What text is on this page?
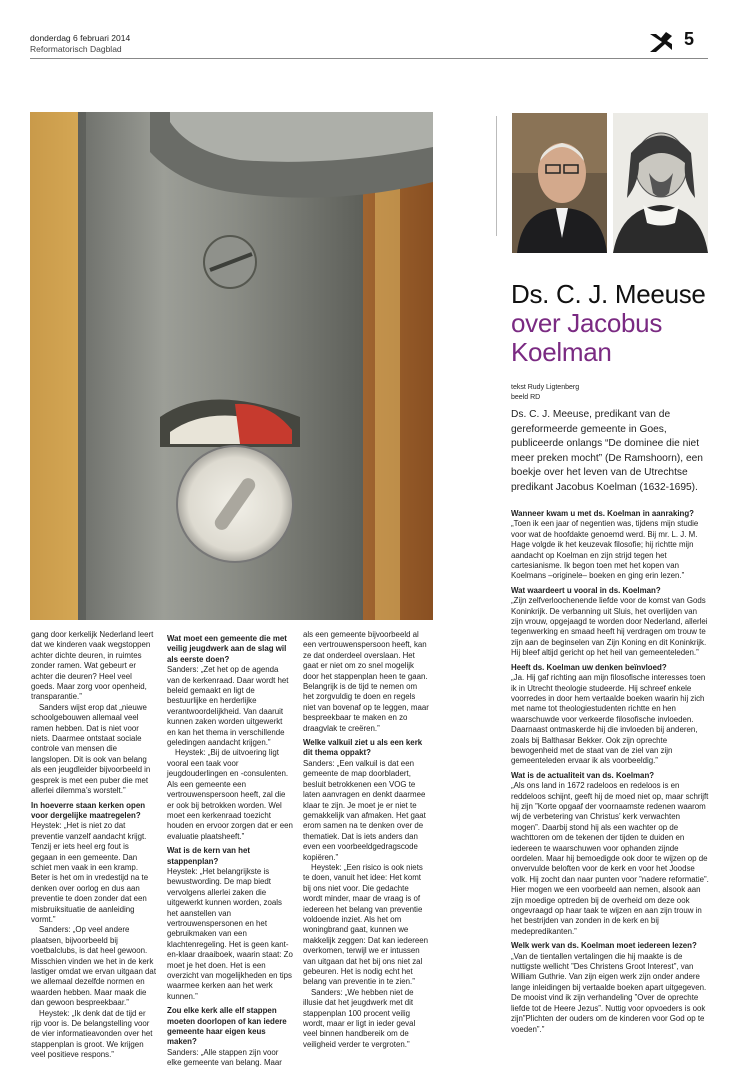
donderdag 6 februari 2014
Reformatorisch Dagblad	5
Ds. C. J. Meeuse
over Jacobus
Koelman
tekst Rudy Ligtenberg
beeld RD
Ds. C. J. Meeuse, predikant van de gereformeerde gemeente in Goes, publiceerde onlangs “De dominee die niet meer preken mocht” (De Ramshoorn), een boekje over het leven van de Utrechtse predikant Jacobus Koelman (1632-1695).

gang door kerkelijk Nederland leert dat we kinderen vaak wegstoppen achter dichte deuren, in ruimtes zonder ramen. Wat gebeurt er achter die deuren? Heel veel goeds. Maar zorg voor openheid, transparantie.”

Sanders wijst erop dat „nieuwe schoolgebouwen allemaal veel ramen hebben. Dat is niet voor niets. Daarmee ontstaat sociale controle van mensen die langslopen. Dit is ook van belang als een jeugdleider bijvoorbeeld in gesprek is met een puber die met allerlei dilemma’s worstelt.”

In hoeverre staan kerken open voor dergelijke maatregelen?

Heystek: „Het is niet zo dat preventie vanzelf aandacht krijgt. Tenzij er iets heel erg fout is gegaan in een gemeente. Dan schiet men vaak in een kramp. Beter is het om in vredestijd na te denken over oorlog en dus aan preventie te doen zonder dat een misbruiksituatie de aanleiding vormt.”

Sanders: „Op veel andere plaatsen, bijvoorbeeld bij voetbalclubs, is dat heel gewoon. Misschien vinden we het in de kerk lastiger omdat we ervan uitgaan dat we allemaal dezelfde normen en waarden hebben. Maar maak die dan gewoon bespreekbaar.”

Heystek: „Ik denk dat de tijd er rijp voor is. De belangstelling voor de vier informatieavonden over het stappenplan is groot. We krijgen veel positieve respons.”

Wat moet een gemeente die met veilig jeugdwerk aan de slag wil als eerste doen?

Sanders: „Zet het op de agenda van de kerkenraad. Daar wordt het beleid gemaakt en ligt de bestuurlijke en herderlijke verantwoordelijkheid. Van daaruit kunnen zaken worden uitgewerkt en kan het thema in verschillende geledingen aandacht krijgen.”

Heystek: „Bij de uitvoering ligt vooral een taak voor jeugdouderlingen en -consulenten. Als een gemeente een vertrouwenspersoon heeft, zal die er ook bij betrokken worden. Wel moet een kerkenraad toezicht houden en ervoor zorgen dat er een evaluatie plaatsheeft.”

Wat is de kern van het stappenplan?

Heystek: „Het belangrijkste is bewustwording. De map biedt vervolgens allerlei zaken die uitgewerkt kunnen worden, zoals het aanstellen van vertrouwenspersonen en het gebruikmaken van een klachtenregeling. Het is geen kant-en-klaar draaiboek, waarin staat: Zo moet je het doen. Het is een overzicht van mogelijkheden en tips waarmee kerken aan het werk kunnen.”

Zou elke kerk alle elf stappen moeten doorlopen of kan iedere gemeente haar eigen keus maken?

Sanders: „Alle stappen zijn voor elke gemeente van belang. Maar

als een gemeente bijvoorbeeld al een vertrouwenspersoon heeft, kan ze dat onderdeel overslaan. Het gaat er niet om zo snel mogelijk door het stappenplan heen te gaan. Belangrijk is de tijd te nemen om het zorgvuldig te doen en regels niet van bovenaf op te leggen, maar bespreekbaar te maken en zo draagvlak te creëren.”

Welke valkuil ziet u als een kerk dit thema oppakt?

Sanders: „Een valkuil is dat een gemeente de map doorbladert, besluit betrokkenen een VOG te laten aanvragen en denkt daarmee klaar te zijn. Je moet je er niet te gemakkelijk van afmaken. Het gaat erom samen na te denken over de thematiek. Dat is iets anders dan even een voorbeeldgedragscode kopiëren.”

Heystek: „Een risico is ook niets te doen, vanuit het idee: Het komt bij ons niet voor. Die gedachte wordt minder, maar de vraag is of iedereen het belang van preventie voldoende inziet. Als het om woningbrand gaat, kunnen we makkelijk zeggen: Dat kan iedereen overkomen, terwijl we er intussen van uitgaan dat het bij ons niet zal gebeuren. Het is nodig echt het belang van preventie in te zien.”

Sanders: „We hebben niet de illusie dat het jeugdwerk met dit stappenplan 100 procent veilig wordt, maar er ligt in ieder geval veel binnen handbereik om de veiligheid verder te vergroten.”

Wanneer kwam u met ds. Koelman in aanraking?

„Toen ik een jaar of negentien was, tijdens mijn studie voor wat de hoofdakte genoemd werd. Bij mr. L. J. M. Hage volgde ik het keuzevak filosofie; hij richtte mijn aandacht op Koelman en zijn strijd tegen het cartesianisme. Ik begon toen met het kopen van Koelmans –originele– boeken en ging erin lezen.”

Wat waardeert u vooral in ds. Koelman?

„Zijn zelfverloochenende liefde voor de komst van Gods Koninkrijk. De verbanning uit Sluis, het overlijden van zijn vrouw, opgejaagd te worden door Nederland, allerlei tegenwerking en smaad heeft hij verdragen om trouw te zijn aan de beginselen van Zijn Koning en dit Koninkrijk. Hij bleef altijd gericht op het heil van gemeenteleden.”

Heeft ds. Koelman uw denken beïnvloed?

„Ja. Hij gaf richting aan mijn filosofische interesses toen ik in Utrecht theologie studeerde. Hij schreef enkele voorredes in door hem vertaalde boeken waarin hij zich met name tot theologiestudenten richtte en hen waarschuwde voor verkeerde filosofische invloeden. Daarnaast ontmaskerde hij die invloeden bij anderen, zoals bij Balthasar Bekker. Ook zijn oprechte bewogenheid met de staat van de ziel van zijn gemeenteleden ervaar ik als voorbeeldig.”

Wat is de actualiteit van ds. Koelman?

„Als ons land in 1672 radeloos en redeloos is en reddeloos schijnt, geeft hij de moed niet op, maar schrijft hij zijn ”Korte opgaaf der voornaamste redenen waarom wij de verbetering van Christus’ kerk verwachten mogen”. Daarbij stond hij als een wachter op de wachttoren om de tekenen der tijden te duiden en iedereen te waarschuwen voor ophanden zijnde oordelen. Maar hij bemoedigde ook door te wijzen op de onvervulde beloften voor de kerk en voor het Joodse volk. Hij zocht dan naar punten voor ”nadere reformatie”. Hier mogen we een voorbeeld aan nemen, alsook aan zijn moedige optreden bij de overheid om deze ook ongevraagd op haar taak te wijzen en aan zijn trouw in het bestrijden van zonden in de kerk en bij medepredikanten.”

Welk werk van ds. Koelman moet iedereen lezen?

„Van de tientallen vertalingen die hij maakte is de nuttigste wellicht ”Des Christens Groot Interest”, van William Guthrie. Van zijn eigen werk zijn onder andere lange inleidingen bij vertaalde boeken apart uitgegeven. De mooist vind ik zijn verhandeling ”Over de oprechte liefde tot de Heere Jezus”. Nuttig voor opvoeders is ook zijn”Plichten der ouders om de kinderen voor God op te voeden”.”
